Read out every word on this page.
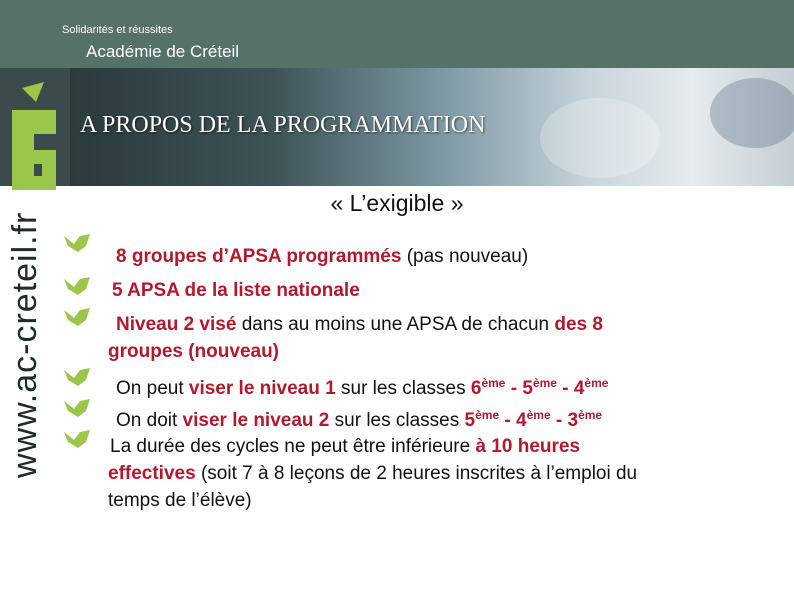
Solidarités et réussites
Académie de Créteil
A PROPOS DE LA PROGRAMMATION
www.ac-creteil.fr
« L’exigible »
8 groupes d’APSA programmés (pas nouveau)
5 APSA de la liste nationale
Niveau 2 visé dans au moins une APSA de chacun des 8
groupes (nouveau)
On peut viser le niveau 1 sur les classes 6ème - 5ème - 4ème
On doit viser le niveau 2 sur les classes 5ème - 4ème - 3ème
La durée des cycles ne peut être inférieure à 10 heures
effectives (soit 7 à 8 leçons de 2 heures inscrites à l’emploi du
temps de l’élève)
